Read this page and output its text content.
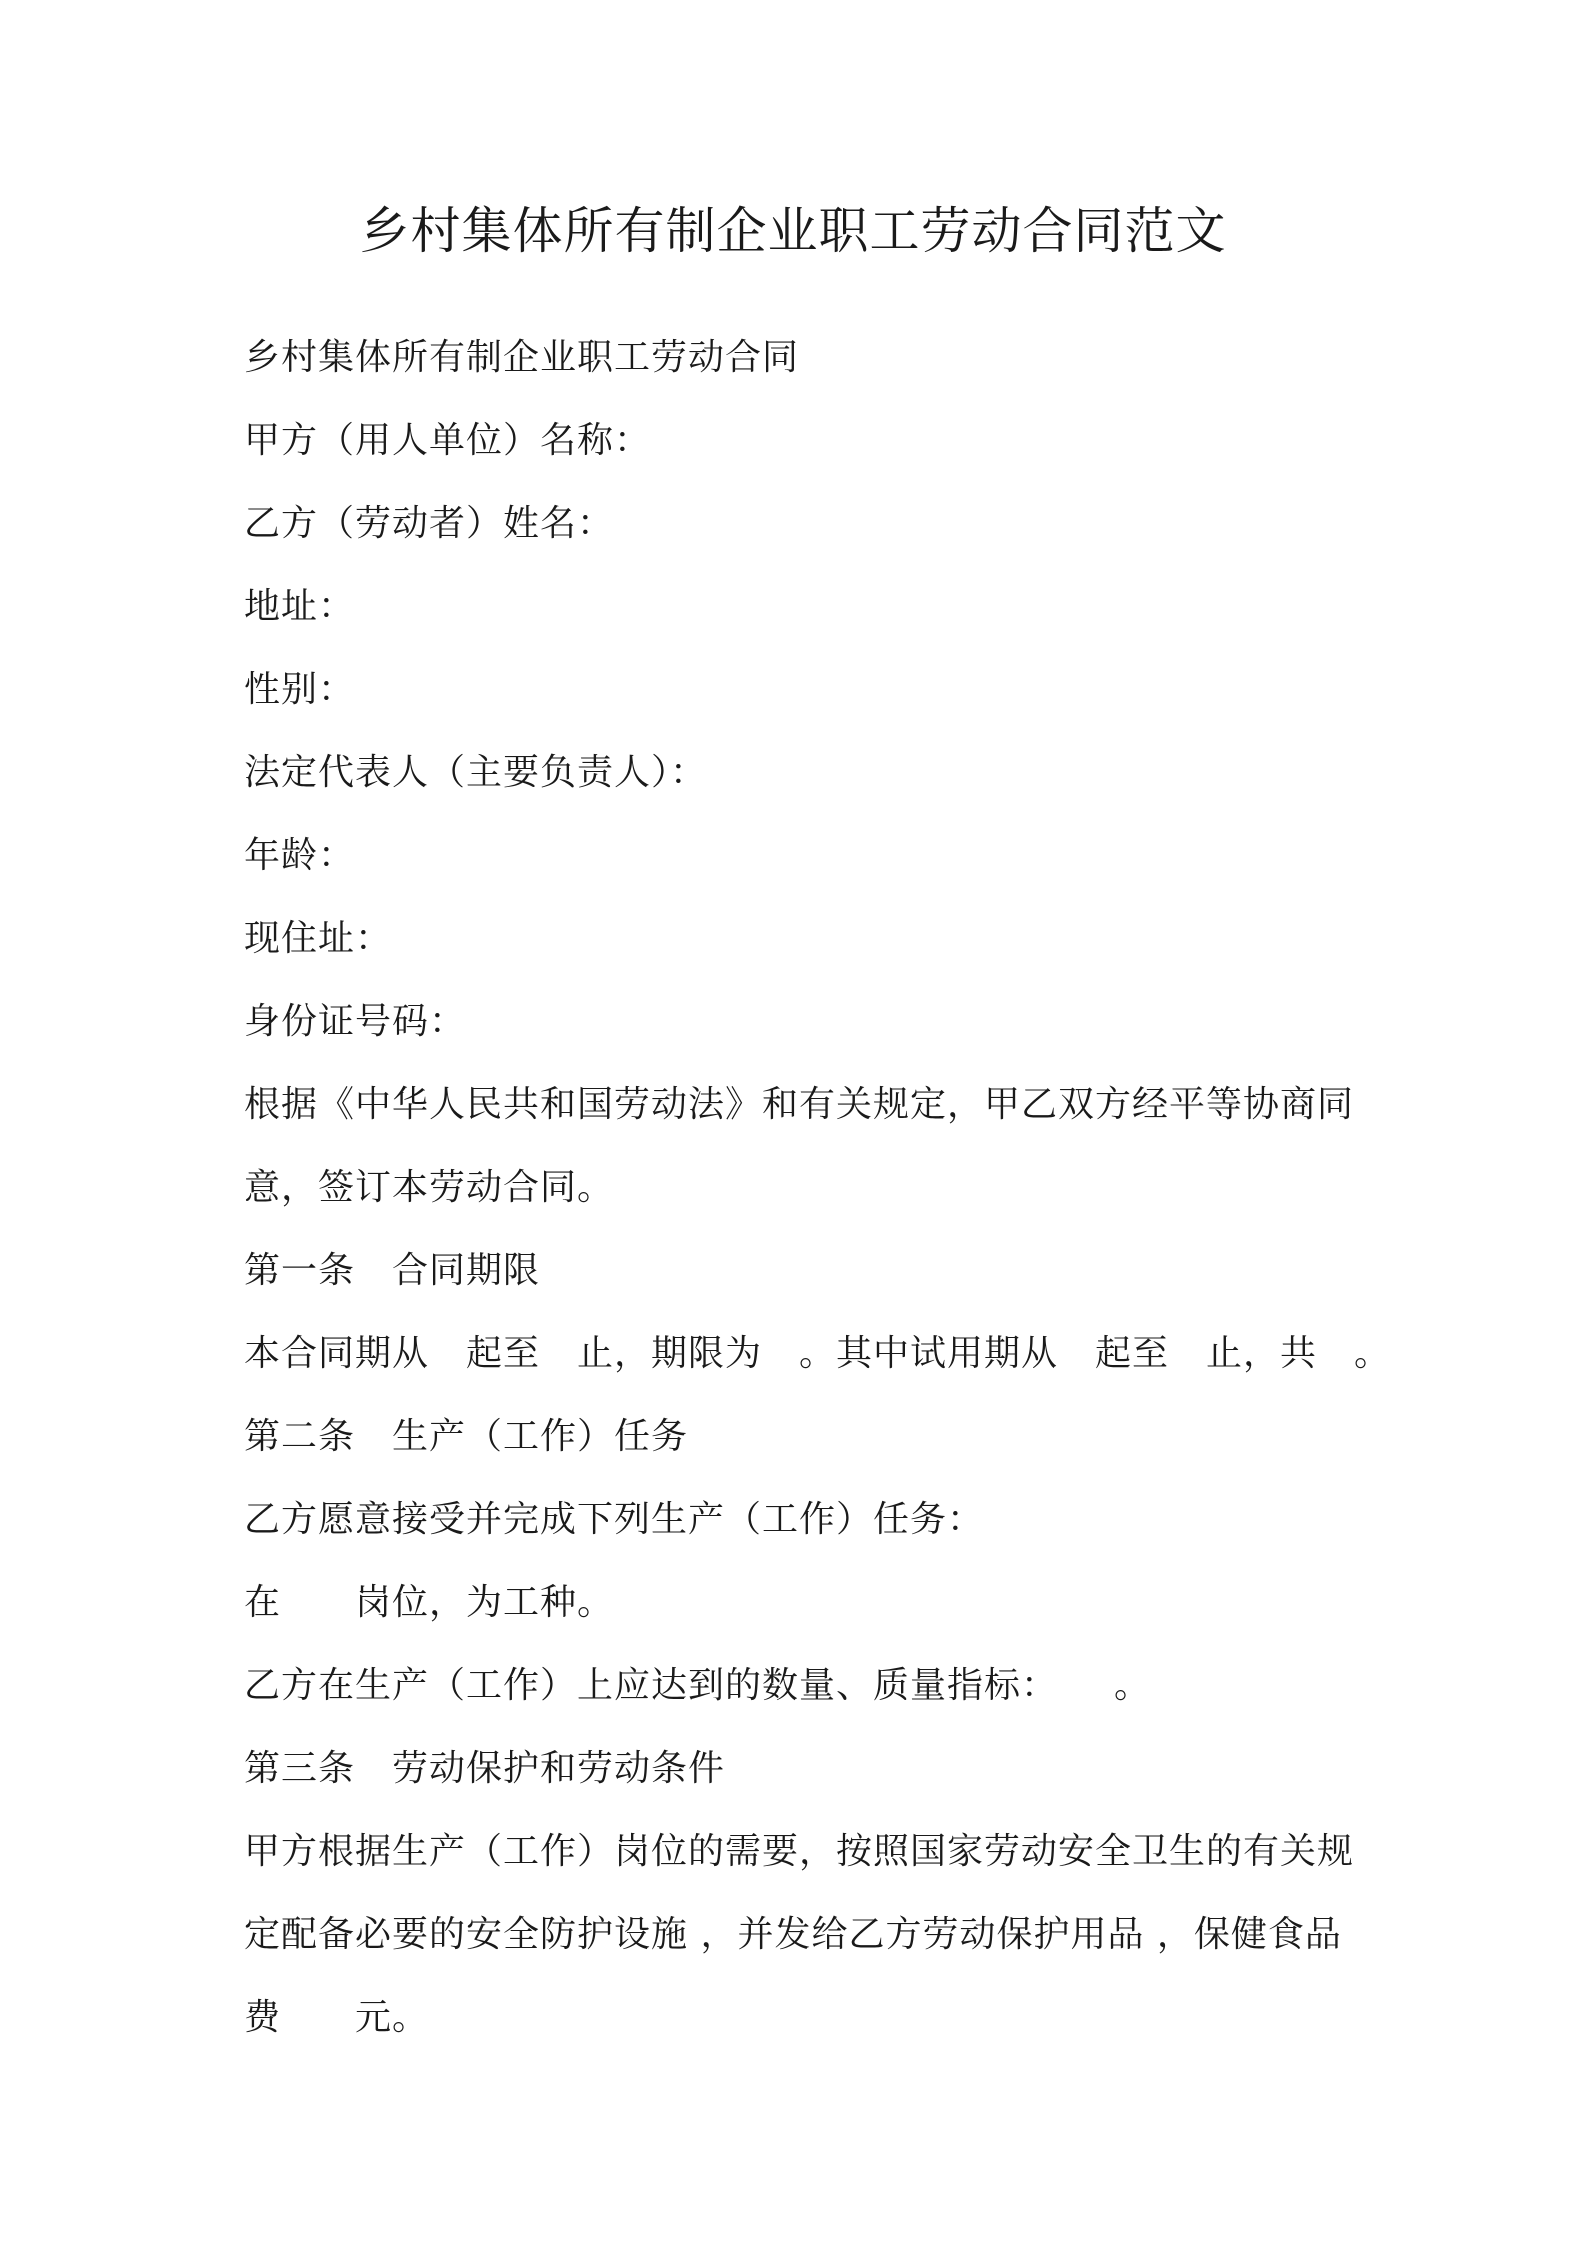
乡村集体所有制企业职工劳动合同范文
乡村集体所有制企业职工劳动合同
甲方（用人单位）名称：
乙方（劳动者）姓名：
地址：
性别：
法定代表人（主要负责人）：
年龄：
现住址：
身份证号码：
根据《中华人民共和国劳动法》和有关规定，甲乙双方经平等协商同
意，签订本劳动合同。
第一条　合同期限
本合同期从　起至　止，期限为　。其中试用期从　起至　止，共　。
第二条　生产（工作）任务
乙方愿意接受并完成下列生产（工作）任务：
在　　岗位，为工种。
乙方在生产（工作）上应达到的数量、质量指标：　　。
第三条　劳动保护和劳动条件
甲方根据生产（工作）岗位的需要，按照国家劳动安全卫生的有关规
定配备必要的安全防护设施 ，并发给乙方劳动保护用品 ，保健食品
费　　元。
